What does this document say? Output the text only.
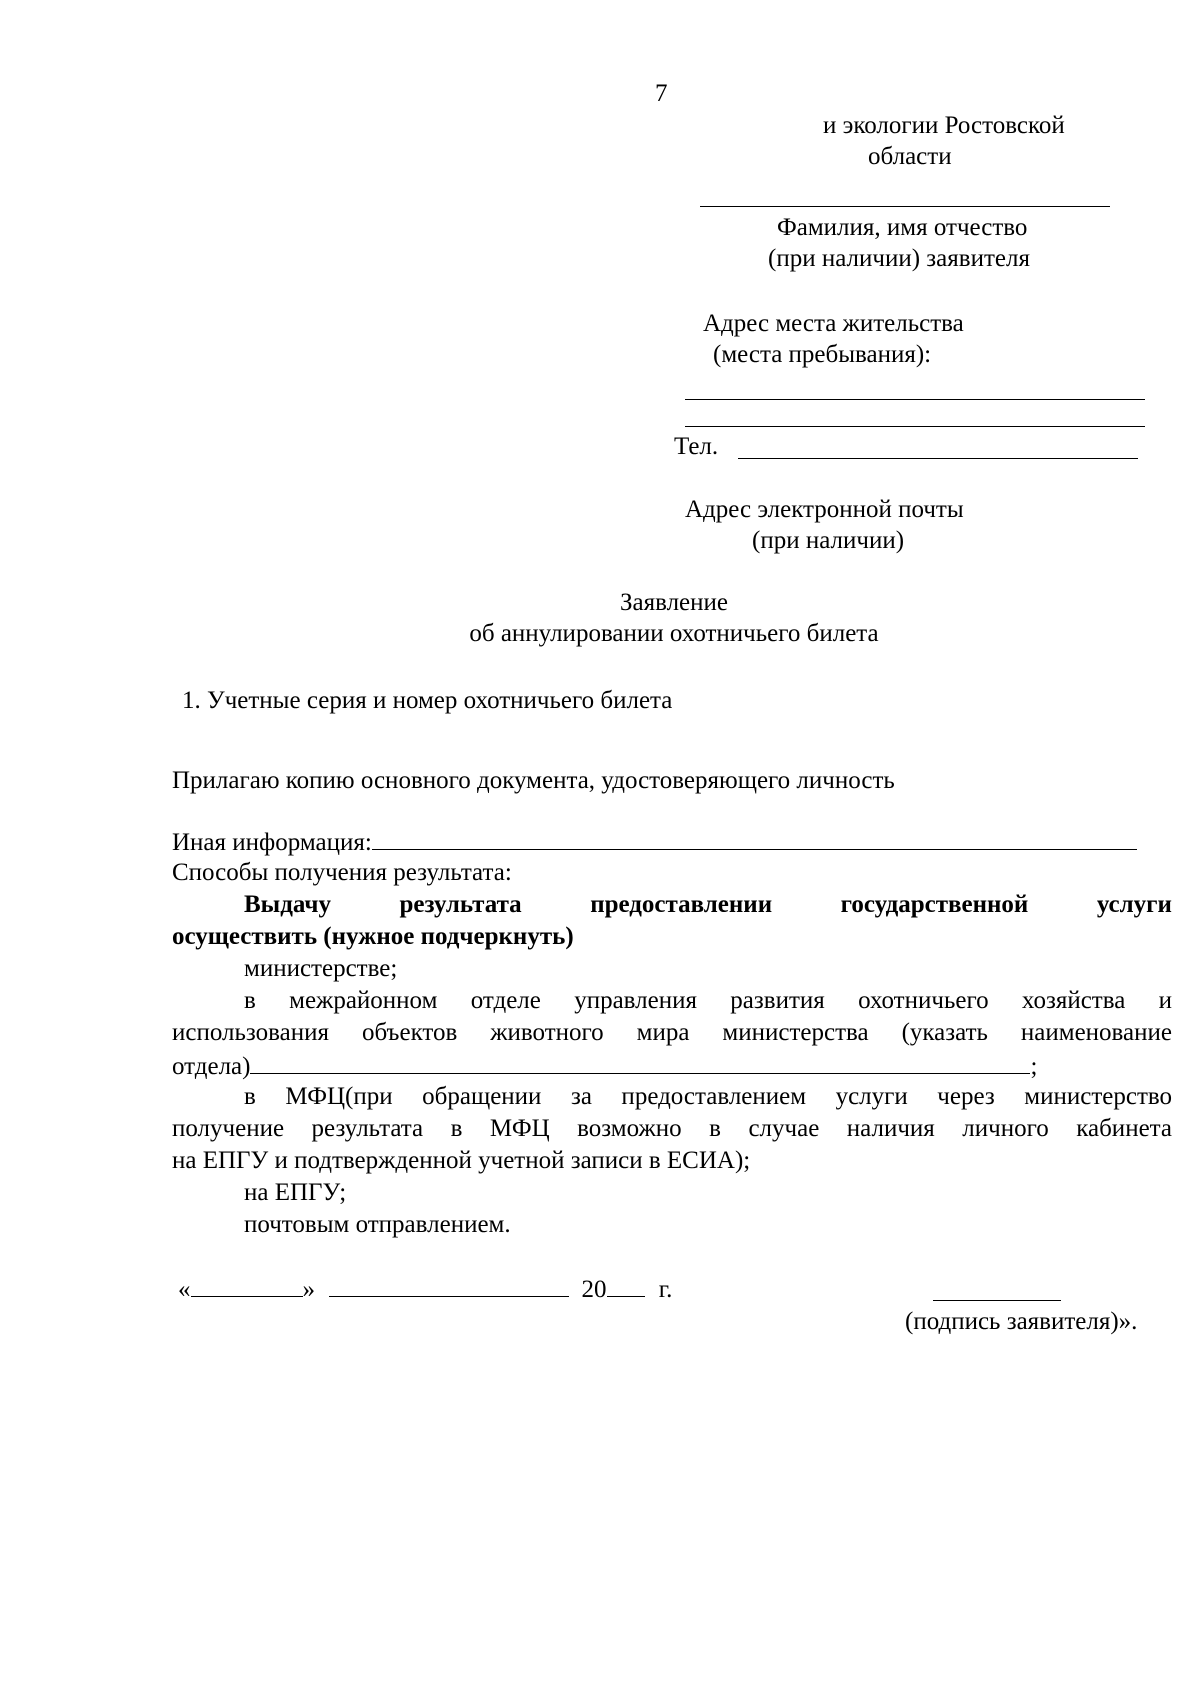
7
и экологии Ростовской
области
Фамилия, имя отчество
(при наличии) заявителя
Адрес места жительства
(места пребывания):
Тел.
Адрес электронной почты
(при наличии)
Заявление
об аннулировании охотничьего билета
1. Учетные серия и номер охотничьего билета
Прилагаю копию основного документа, удостоверяющего личность
Иная информация:
Способы получения результата:
Выдачу	результата	предоставлении	государственной	услуги
осуществить (нужное подчеркнуть)
министерстве;
в межрайонном отделе управления развития охотничьего хозяйства и
использования объектов животного мира министерства (указать наименование
отдела)	;
в МФЦ(при обращении за предоставлением услуги через министерство
получение результата в МФЦ возможно в случае наличия личного кабинета
на ЕПГУ и подтвержденной учетной записи в ЕСИА);
на ЕПГУ;
почтовым отправлением.
«	»	20 г.
(подпись заявителя)».
